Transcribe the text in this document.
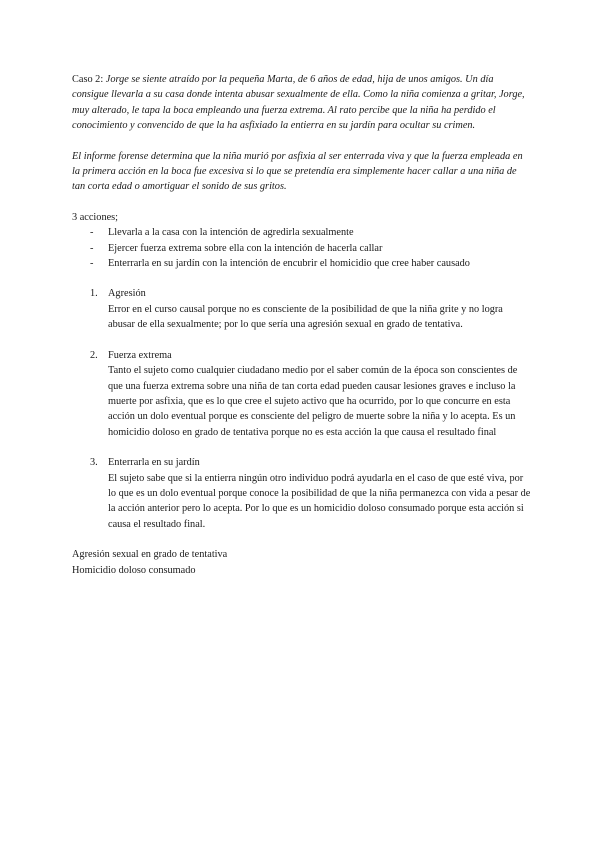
Caso 2: Jorge se siente atraído por la pequeña Marta, de 6 años de edad, hija de unos amigos. Un día consigue llevarla a su casa donde intenta abusar sexualmente de ella. Como la niña comienza a gritar, Jorge, muy alterado, le tapa la boca empleando una fuerza extrema. Al rato percibe que la niña ha perdido el conocimiento y convencido de que la ha asfixiado la entierra en su jardín para ocultar su crimen.

El informe forense determina que la niña murió por asfixia al ser enterrada viva y que la fuerza empleada en la primera acción en la boca fue excesiva si lo que se pretendía era simplemente hacer callar a una niña de tan corta edad o amortiguar el sonido de sus gritos.

3 acciones;

- Llevarla a la casa con la intención de agredirla sexualmente
- Ejercer fuerza extrema sobre ella con la intención de hacerla callar
- Enterrarla en su jardín con la intención de encubrir el homicidio que cree haber causado
1. Agresión

Error en el curso causal porque no es consciente de la posibilidad de que la niña grite y no logra abusar de ella sexualmente; por lo que sería una agresión sexual en grado de tentativa.

2. Fuerza extrema

Tanto el sujeto como cualquier ciudadano medio por el saber común de la época son conscientes de que una fuerza extrema sobre una niña de tan corta edad pueden causar lesiones graves e incluso la muerte por asfixia, que es lo que cree el sujeto activo que ha ocurrido, por lo que concurre en esta acción un dolo eventual porque es consciente del peligro de muerte sobre la niña y lo acepta. Es un homicidio doloso en grado de tentativa porque no es esta acción la que causa el resultado final

3. Enterrarla en su jardín

El sujeto sabe que si la entierra ningún otro individuo podrá ayudarla en el caso de que esté viva, por lo que es un dolo eventual porque conoce la posibilidad de que la niña permanezca con vida a pesar de la acción anterior pero lo acepta. Por lo que es un homicidio doloso consumado porque esta acción si causa el resultado final.

Agresión sexual en grado de tentativa

Homicidio doloso consumado
